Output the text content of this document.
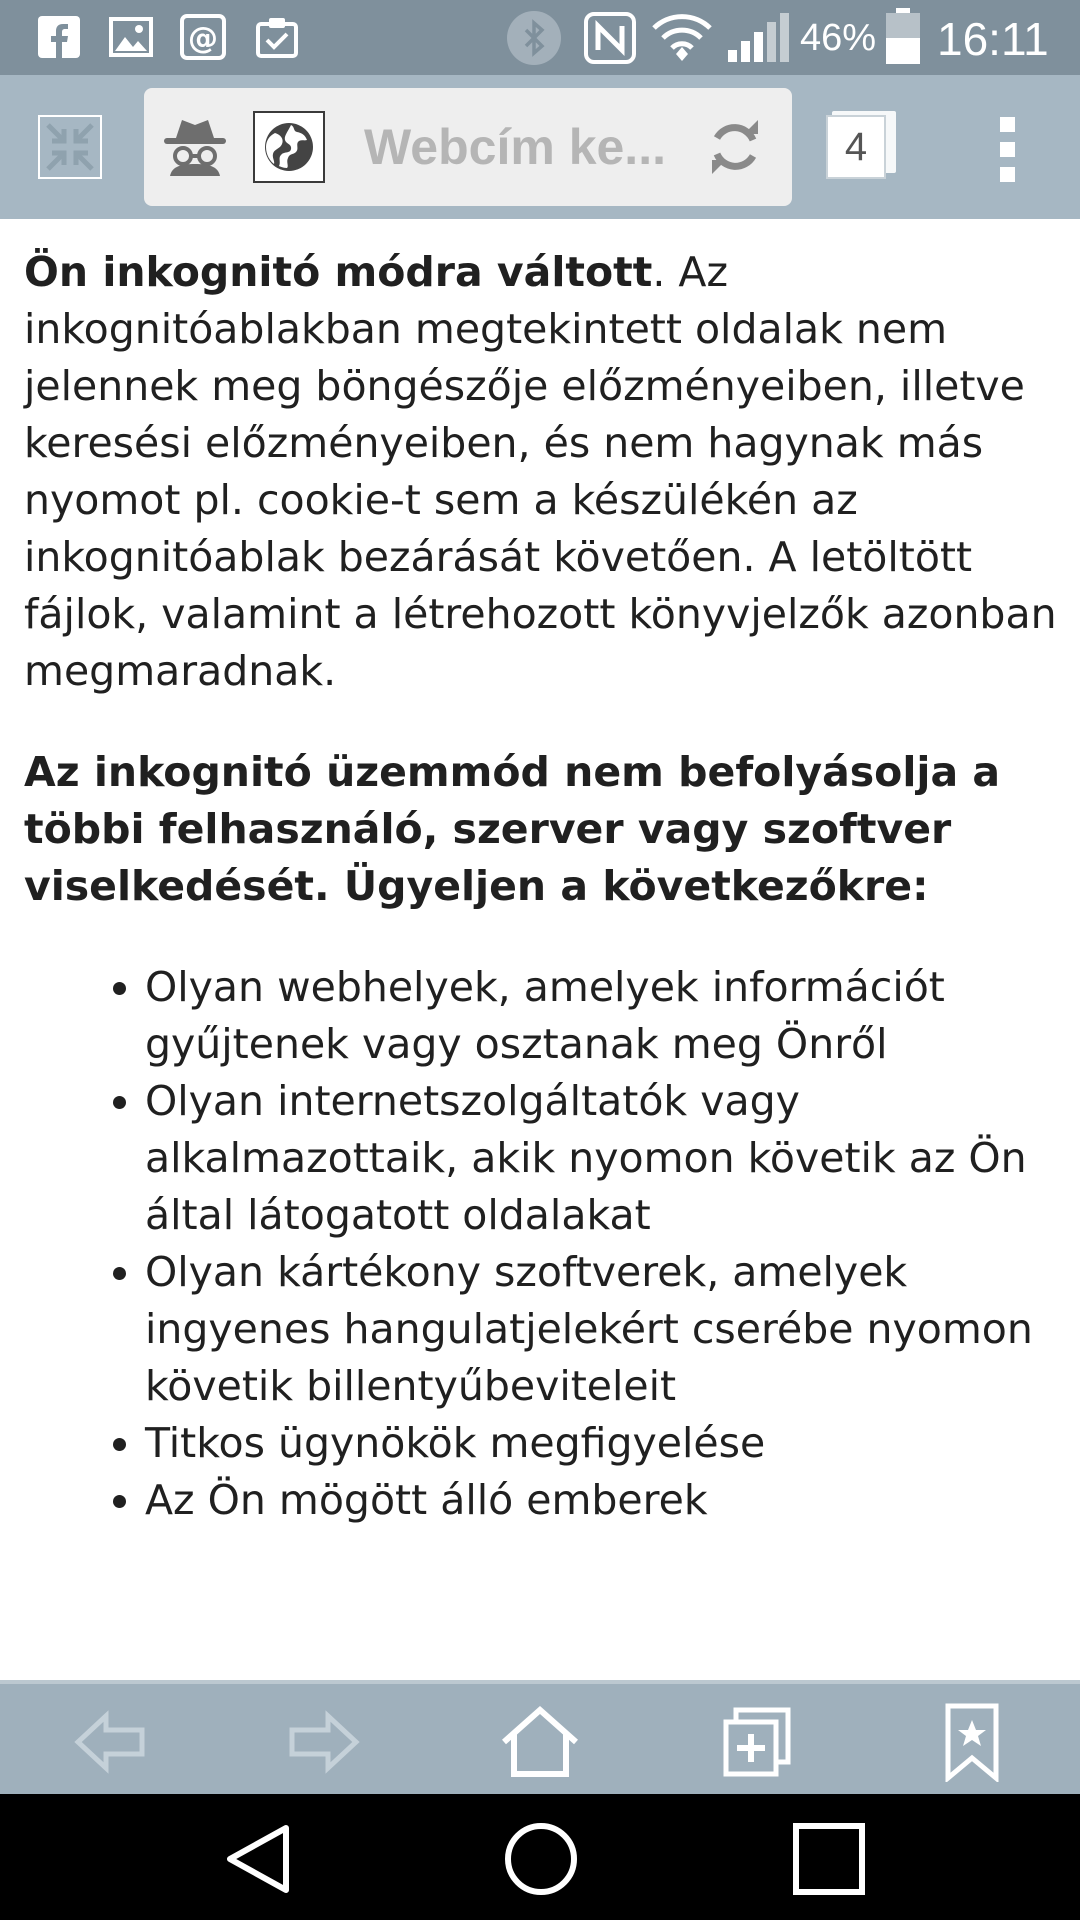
@	46% 16:11
Webcím ke...
4

Ön inkognitó módra váltott. Az inkognitóablakban megtekintett oldalak nem jelennek meg böngészője előzményeiben, illetve keresési előzményeiben, és nem hagynak más nyomot pl. cookie-t sem a készülékén az inkognitóablak bezárását követően. A letöltött fájlok, valamint a létrehozott könyvjelzők azonban megmaradnak.

Az inkognitó üzemmód nem befolyásolja a többi felhasználó, szerver vagy szoftver viselkedését. Ügyeljen a következőkre:

• Olyan webhelyek, amelyek információt gyűjtenek vagy osztanak meg Önről
• Olyan internetszolgáltatók vagy alkalmazottaik, akik nyomon követik az Ön által látogatott oldalakat
• Olyan kártékony szoftverek, amelyek ingyenes hangulatjelekért cserébe nyomon követik billentyűbeviteleit
• Titkos ügynökök megfigyelése
• Az Ön mögött álló emberek
